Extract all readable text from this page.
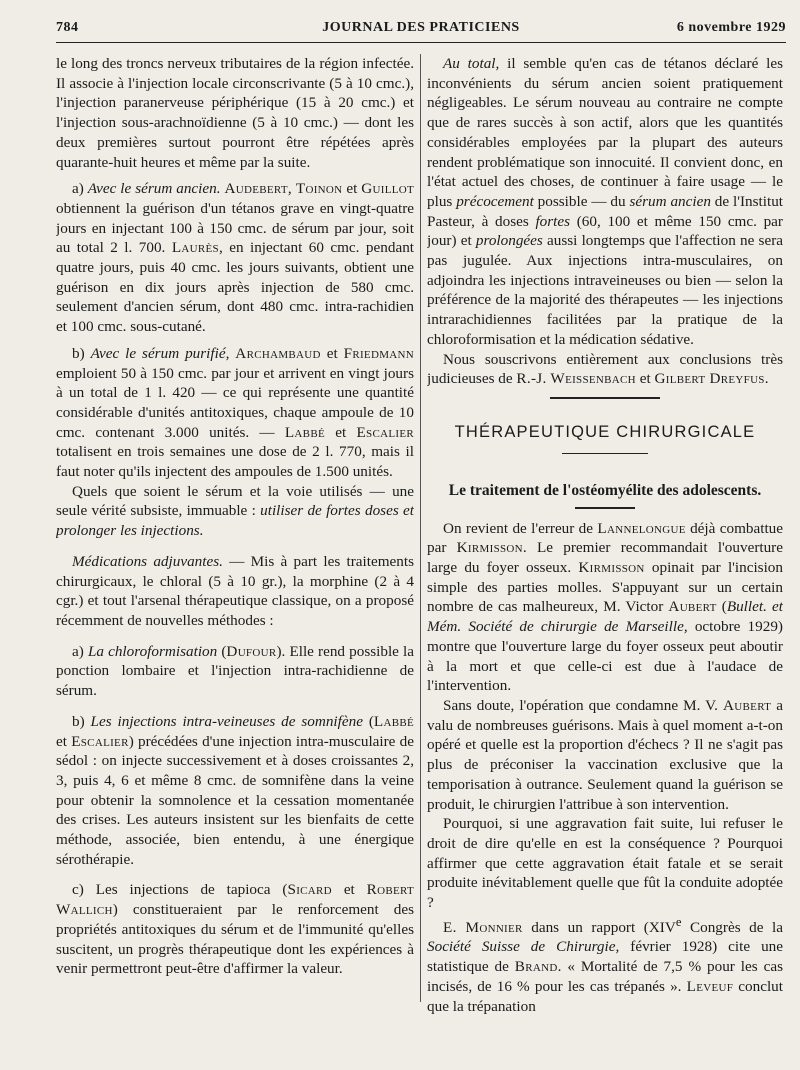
784	JOURNAL DES PRATICIENS	6 novembre 1929

le long des troncs nerveux tributaires de la région infectée. Il associe à l'injection locale circonscrivante (5 à 10 cmc.), l'injection paranerveuse périphérique (15 à 20 cmc.) et l'injection sous-arachnoïdienne (5 à 10 cmc.) — dont les deux premières surtout pourront être répétées après quarante-huit heures et même par la suite.

a) Avec le sérum ancien. Audebert, Toinon et Guillot obtiennent la guérison d'un tétanos grave en vingt-quatre jours en injectant 100 à 150 cmc. de sérum par jour, soit au total 2 l. 700. Laurès, en injectant 60 cmc. pendant quatre jours, puis 40 cmc. les jours suivants, obtient une guérison en dix jours après injection de 580 cmc. seulement d'ancien sérum, dont 480 cmc. intra-rachidien et 100 cmc. sous-cutané.

b) Avec le sérum purifié, Archambaud et Friedmann emploient 50 à 150 cmc. par jour et arrivent en vingt jours à un total de 1 l. 420 — ce qui représente une quantité considérable d'unités antitoxiques, chaque ampoule de 10 cmc. contenant 3.000 unités. — Labbé et Escalier totalisent en trois semaines une dose de 2 l. 770, mais il faut noter qu'ils injectent des ampoules de 1.500 unités.

Quels que soient le sérum et la voie utilisés — une seule vérité subsiste, immuable : utiliser de fortes doses et prolonger les injections.

Médications adjuvantes. — Mis à part les traitements chirurgicaux, le chloral (5 à 10 gr.), la morphine (2 à 4 cgr.) et tout l'arsenal thérapeutique classique, on a proposé récemment de nouvelles méthodes :

a) La chloroformisation (Dufour). Elle rend possible la ponction lombaire et l'injection intra-rachidienne de sérum.

b) Les injections intra-veineuses de somnifène (Labbé et Escalier) précédées d'une injection intra-musculaire de sédol : on injecte successivement et à doses croissantes 2, 3, puis 4, 6 et même 8 cmc. de somnifène dans la veine pour obtenir la somnolence et la cessation momentanée des crises. Les auteurs insistent sur les bienfaits de cette méthode, associée, bien entendu, à une énergique sérothérapie.

c) Les injections de tapioca (Sicard et Robert Wallich) constitueraient par le renforcement des propriétés antitoxiques du sérum et de l'immunité qu'elles suscitent, un progrès thérapeutique dont les expériences à venir permettront peut-être d'affirmer la valeur.

Au total, il semble qu'en cas de tétanos déclaré les inconvénients du sérum ancien soient pratiquement négligeables. Le sérum nouveau au contraire ne compte que de rares succès à son actif, alors que les quantités considérables employées par la plupart des auteurs rendent problématique son innocuité. Il convient donc, en l'état actuel des choses, de continuer à faire usage — le plus précocement possible — du sérum ancien de l'Institut Pasteur, à doses fortes (60, 100 et même 150 cmc. par jour) et prolongées aussi longtemps que l'affection ne sera pas jugulée. Aux injections intra-musculaires, on adjoindra les injections intraveineuses ou bien — selon la préférence de la majorité des thérapeutes — les injections intrarachidiennes facilitées par la pratique de la chloroformisation et la médication sédative.

Nous souscrivons entièrement aux conclusions très judicieuses de R.-J. Weissenbach et Gilbert Dreyfus.

THÉRAPEUTIQUE CHIRURGICALE
Le traitement de l'ostéomyélite des adolescents.

On revient de l'erreur de Lannelongue déjà combattue par Kirmisson. Le premier recommandait l'ouverture large du foyer osseux. Kirmisson opinait par l'incision simple des parties molles. S'appuyant sur un certain nombre de cas malheureux, M. Victor Aubert (Bullet. et Mém. Société de chirurgie de Marseille, octobre 1929) montre que l'ouverture large du foyer osseux peut aboutir à la mort et que celle-ci est due à l'audace de l'intervention.

Sans doute, l'opération que condamne M. V. Aubert a valu de nombreuses guérisons. Mais à quel moment a-t-on opéré et quelle est la proportion d'échecs ? Il ne s'agit pas plus de préconiser la vaccination exclusive que la temporisation à outrance. Seulement quand la guérison se produit, le chirurgien l'attribue à son intervention.

Pourquoi, si une aggravation fait suite, lui refuser le droit de dire qu'elle en est la conséquence ? Pourquoi affirmer que cette aggravation était fatale et se serait produite inévitablement quelle que fût la conduite adoptée ?

E. Monnier dans un rapport (XIVe Congrès de la Société Suisse de Chirurgie, février 1928) cite une statistique de Brand. « Mortalité de 7,5 % pour les cas incisés, de 16 % pour les cas trépanés ». Leveuf conclut que la trépanation
